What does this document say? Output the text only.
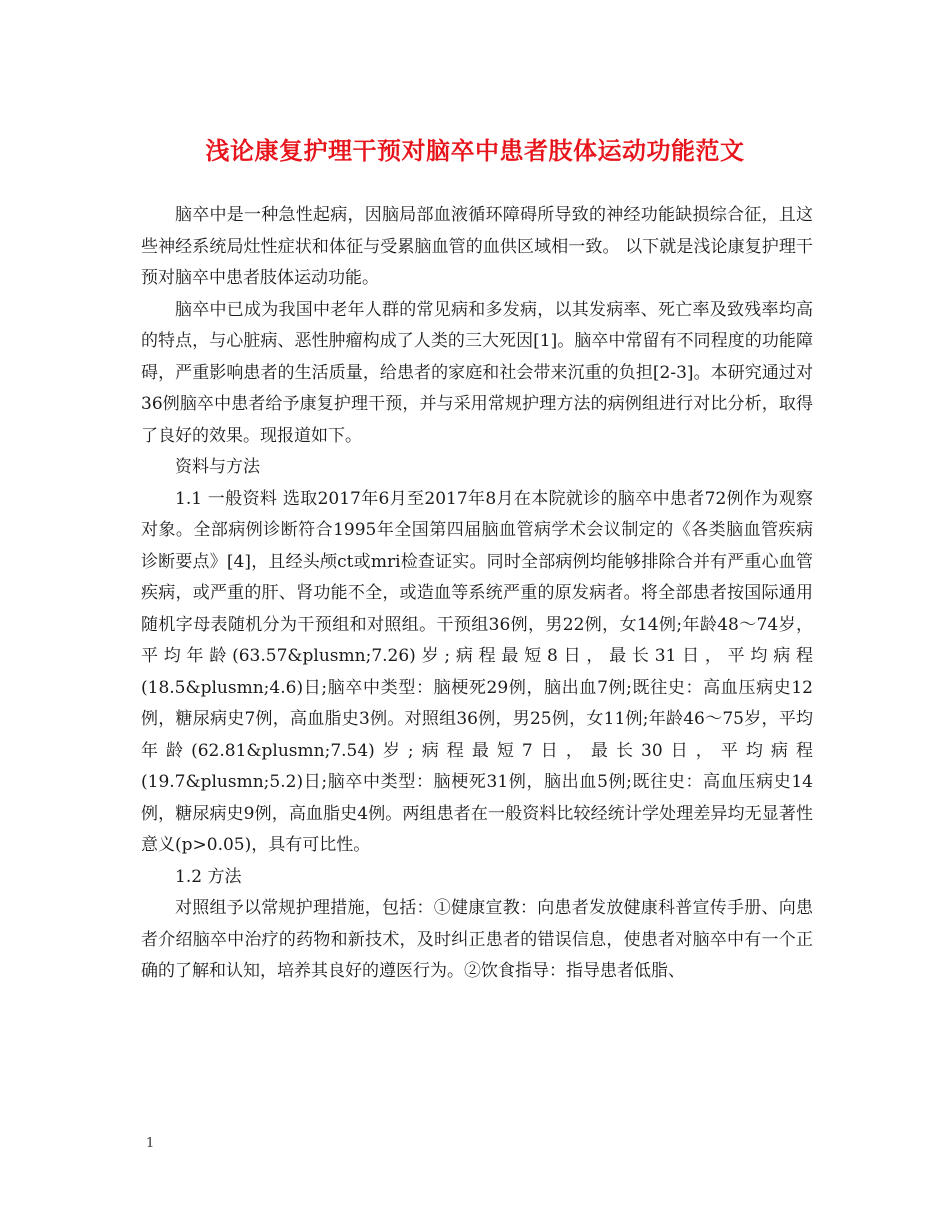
浅论康复护理干预对脑卒中患者肢体运动功能范文

脑卒中是一种急性起病，因脑局部血液循环障碍所导致的神经功能缺损综合征，且这些神经系统局灶性症状和体征与受累脑血管的血供区域相一致。 以下就是浅论康复护理干预对脑卒中患者肢体运动功能。

脑卒中已成为我国中老年人群的常见病和多发病，以其发病率、死亡率及致残率均高的特点，与心脏病、恶性肿瘤构成了人类的三大死因[1]。脑卒中常留有不同程度的功能障碍，严重影响患者的生活质量，给患者的家庭和社会带来沉重的负担[2-3]。本研究通过对36例脑卒中患者给予康复护理干预，并与采用常规护理方法的病例组进行对比分析，取得了良好的效果。现报道如下。

资料与方法

1.1 一般资料 选取2017年6月至2017年8月在本院就诊的脑卒中患者72例作为观察对象。全部病例诊断符合1995年全国第四届脑血管病学术会议制定的《各类脑血管疾病诊断要点》[4]，且经头颅ct或mri检查证实。同时全部病例均能够排除合并有严重心血管疾病，或严重的肝、肾功能不全，或造血等系统严重的原发病者。将全部患者按国际通用随机字母表随机分为干预组和对照组。干预组36例，男22例，女14例;年龄48～74岁，平均年龄(63.57&plusmn;7.26)岁;病程最短8日，最长31日，平均病程(18.5&plusmn;4.6)日;脑卒中类型：脑梗死29例，脑出血7例;既往史：高血压病史12例，糖尿病史7例，高血脂史3例。对照组36例，男25例，女11例;年龄46～75岁，平均年龄(62.81&plusmn;7.54)岁;病程最短7日，最长30日，平均病程(19.7&plusmn;5.2)日;脑卒中类型：脑梗死31例，脑出血5例;既往史：高血压病史14例，糖尿病史9例，高血脂史4例。两组患者在一般资料比较经统计学处理差异均无显著性意义(p>0.05)，具有可比性。

1.2 方法

对照组予以常规护理措施，包括：①健康宣教：向患者发放健康科普宣传手册、向患者介绍脑卒中治疗的药物和新技术，及时纠正患者的错误信息，使患者对脑卒中有一个正确的了解和认知，培养其良好的遵医行为。②饮食指导：指导患者低脂、

1
